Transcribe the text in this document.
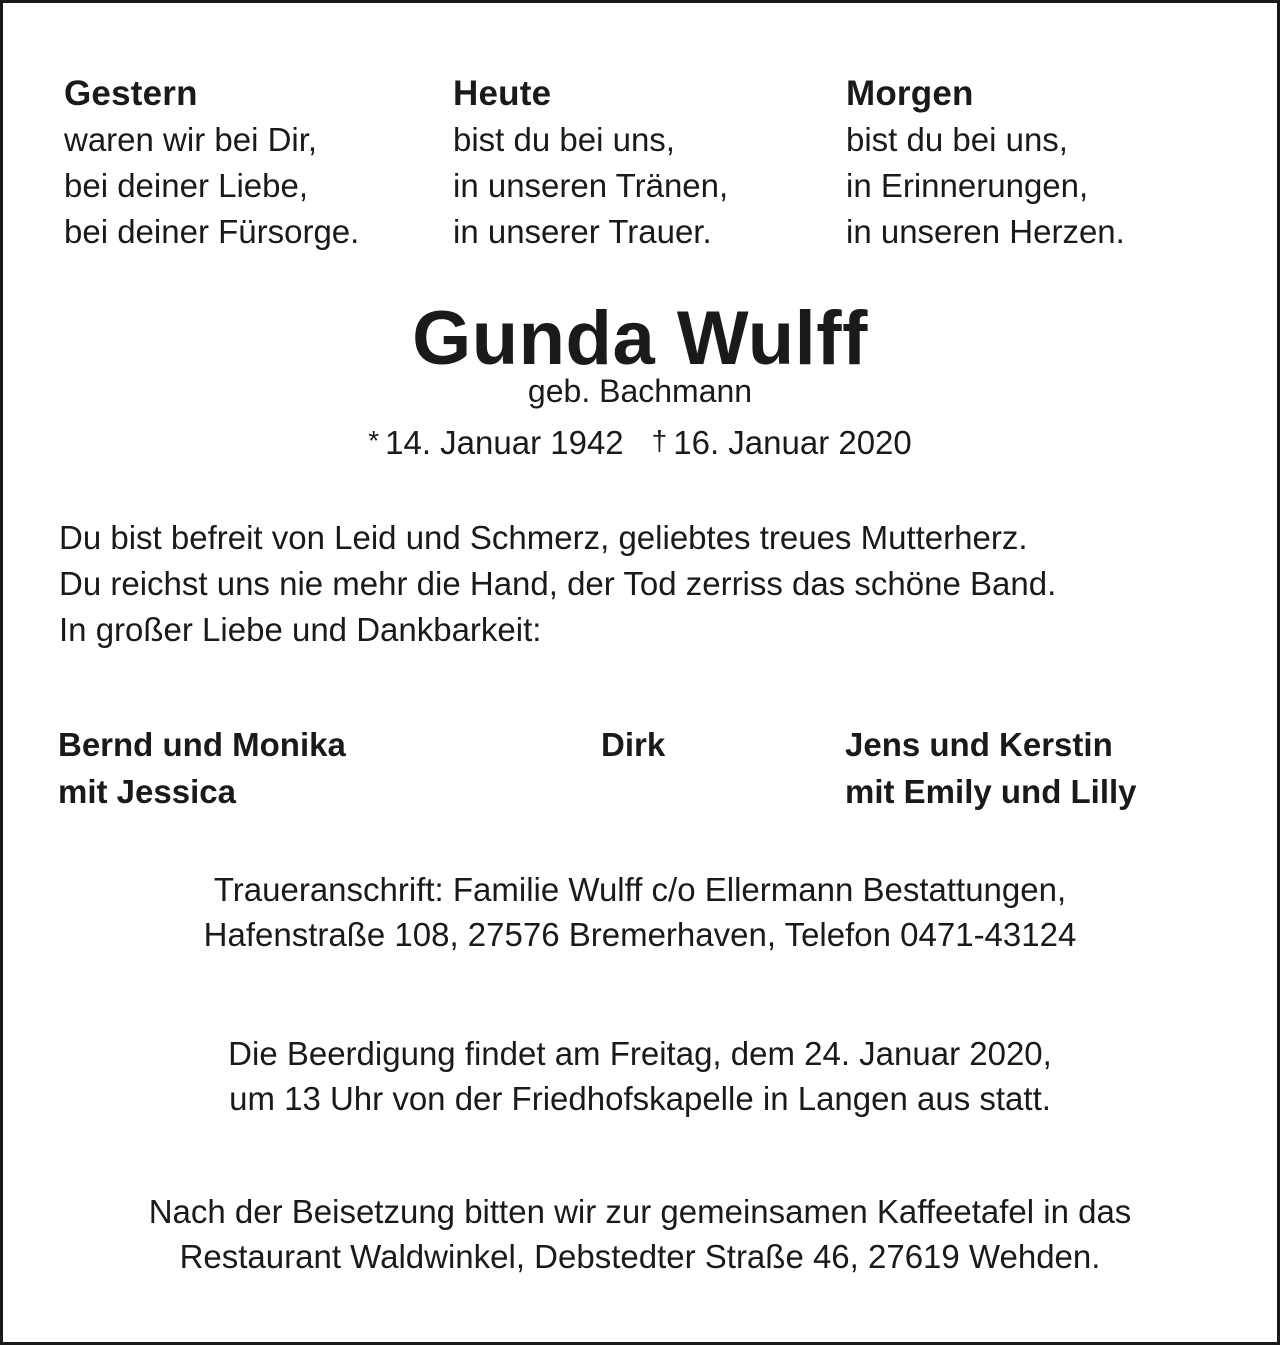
Gestern
waren wir bei Dir,
bei deiner Liebe,
bei deiner Fürsorge.
Heute
bist du bei uns,
in unseren Tränen,
in unserer Trauer.
Morgen
bist du bei uns,
in Erinnerungen,
in unseren Herzen.
Gunda Wulff
geb. Bachmann
* 14. Januar 1942 † 16. Januar 2020
Du bist befreit von Leid und Schmerz, geliebtes treues Mutterherz.
Du reichst uns nie mehr die Hand, der Tod zerriss das schöne Band.
In großer Liebe und Dankbarkeit:
Bernd und Monika
mit Jessica
Dirk	Jens und Kerstin
mit Emily und Lilly
Traueranschrift: Familie Wulff c/o Ellermann Bestattungen,
Hafenstraße 108, 27576 Bremerhaven, Telefon 0471-43124
Die Beerdigung findet am Freitag, dem 24. Januar 2020,
um 13 Uhr von der Friedhofskapelle in Langen aus statt.
Nach der Beisetzung bitten wir zur gemeinsamen Kaffeetafel in das
Restaurant Waldwinkel, Debstedter Straße 46, 27619 Wehden.
